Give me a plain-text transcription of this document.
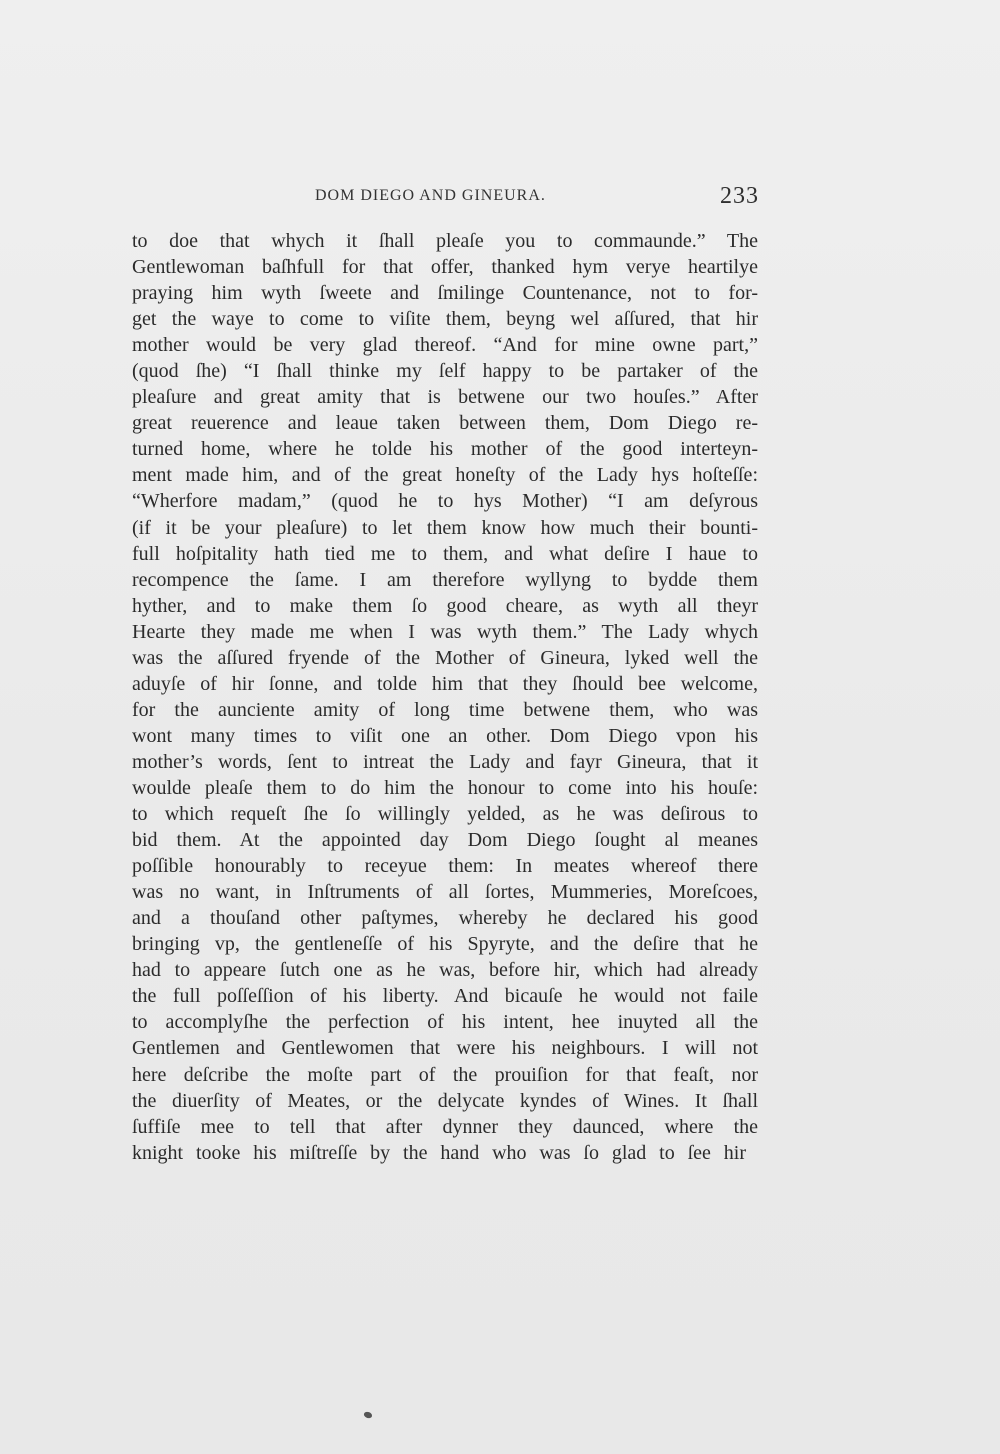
DOM DIEGO AND GINEURA.	233
to doe that whych it ſhall pleaſe you to commaunde.” The
Gentlewoman baſhfull for that offer, thanked hym verye heartilye
praying him wyth ſweete and ſmilinge Countenance, not to for-
get the waye to come to viſite them, beyng wel aſſured, that hir
mother would be very glad thereof. “And for mine owne part,”
(quod ſhe) “I ſhall thinke my ſelf happy to be partaker of the
pleaſure and great amity that is betwene our two houſes.” After
great reuerence and leaue taken between them, Dom Diego re-
turned home, where he tolde his mother of the good interteyn-
ment made him, and of the great honeſty of the Lady hys hoſteſſe:
“Wherfore madam,” (quod he to hys Mother) “I am deſyrous
(if it be your pleaſure) to let them know how much their bounti-
full hoſpitality hath tied me to them, and what deſire I haue to
recompence the ſame. I am therefore wyllyng to bydde them
hyther, and to make them ſo good cheare, as wyth all theyr
Hearte they made me when I was wyth them.” The Lady whych
was the aſſured fryende of the Mother of Gineura, lyked well the
aduyſe of hir ſonne, and tolde him that they ſhould bee welcome,
for the aunciente amity of long time betwene them, who was
wont many times to viſit one an other. Dom Diego vpon his
mother’s words, ſent to intreat the Lady and fayr Gineura, that it
woulde pleaſe them to do him the honour to come into his houſe:
to which requeſt ſhe ſo willingly yelded, as he was deſirous to
bid them. At the appointed day Dom Diego ſought al meanes
poſſible honourably to receyue them: In meates whereof there
was no want, in Inſtruments of all ſortes, Mummeries, Moreſcoes,
and a thouſand other paſtymes, whereby he declared his good
bringing vp, the gentleneſſe of his Spyryte, and the deſire that he
had to appeare ſutch one as he was, before hir, which had already
the full poſſeſſion of his liberty. And bicauſe he would not faile
to accomplyſhe the perfection of his intent, hee inuyted all the
Gentlemen and Gentlewomen that were his neighbours. I will not
here deſcribe the moſte part of the prouiſion for that feaſt, nor
the diuerſity of Meates, or the delycate kyndes of Wines. It ſhall
ſuffiſe mee to tell that after dynner they daunced, where the
knight tooke his miſtreſſe by the hand who was ſo glad to ſee hir
